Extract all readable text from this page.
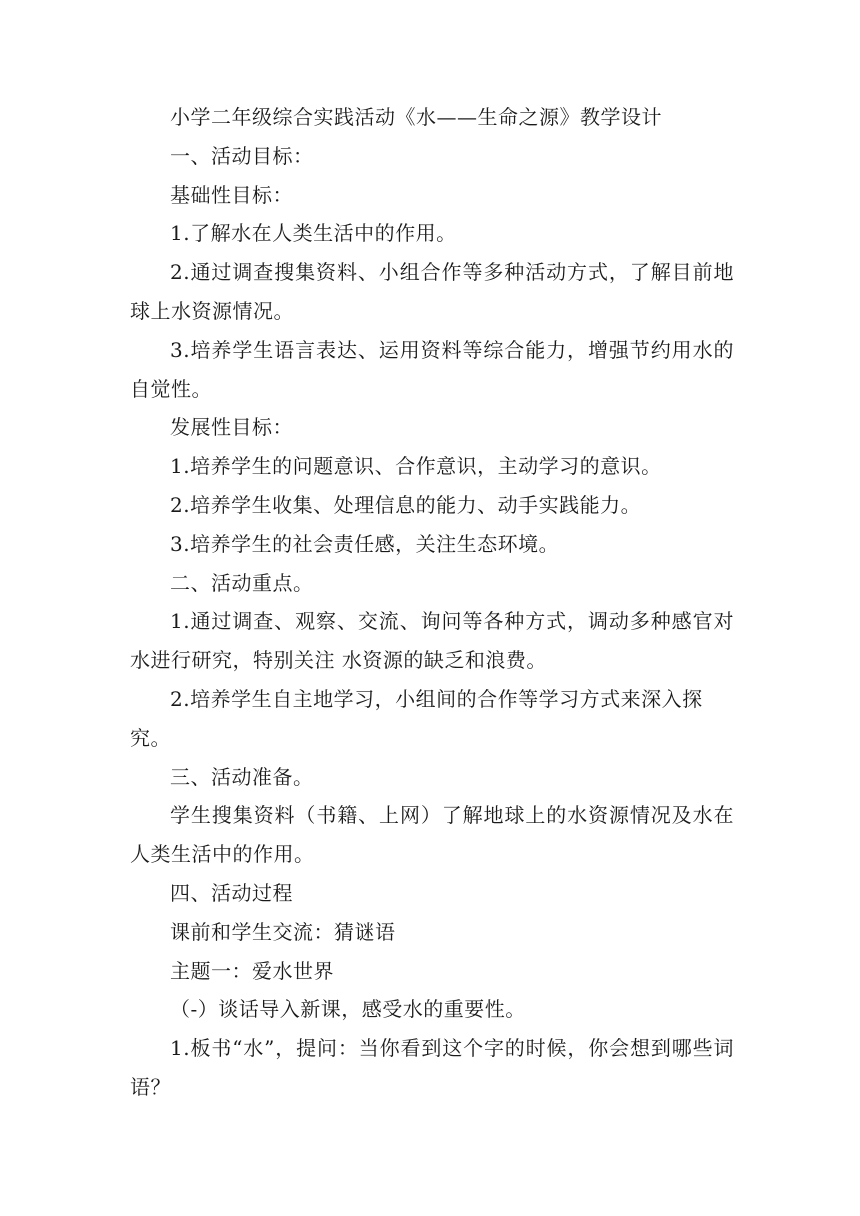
小学二年级综合实践活动《水——生命之源》教学设计

一、活动目标：

基础性目标：

1.了解水在人类生活中的作用。

2.通过调查搜集资料、小组合作等多种活动方式，了解目前地球上水资源情况。

3.培养学生语言表达、运用资料等综合能力，增强节约用水的自觉性。

发展性目标：

1.培养学生的问题意识、合作意识，主动学习的意识。

2.培养学生收集、处理信息的能力、动手实践能力。

3.培养学生的社会责任感，关注生态环境。

二、活动重点。

1.通过调查、观察、交流、询问等各种方式，调动多种感官对水进行研究，特别关注 水资源的缺乏和浪费。

2.培养学生自主地学习，小组间的合作等学习方式来深入探究。

三、活动准备。

学生搜集资料（书籍、上网）了解地球上的水资源情况及水在人类生活中的作用。

四、活动过程

课前和学生交流：猜谜语

主题一：爱水世界

（-）谈话导入新课，感受水的重要性。

1.板书“水”，提问：当你看到这个字的时候，你会想到哪些词语？
